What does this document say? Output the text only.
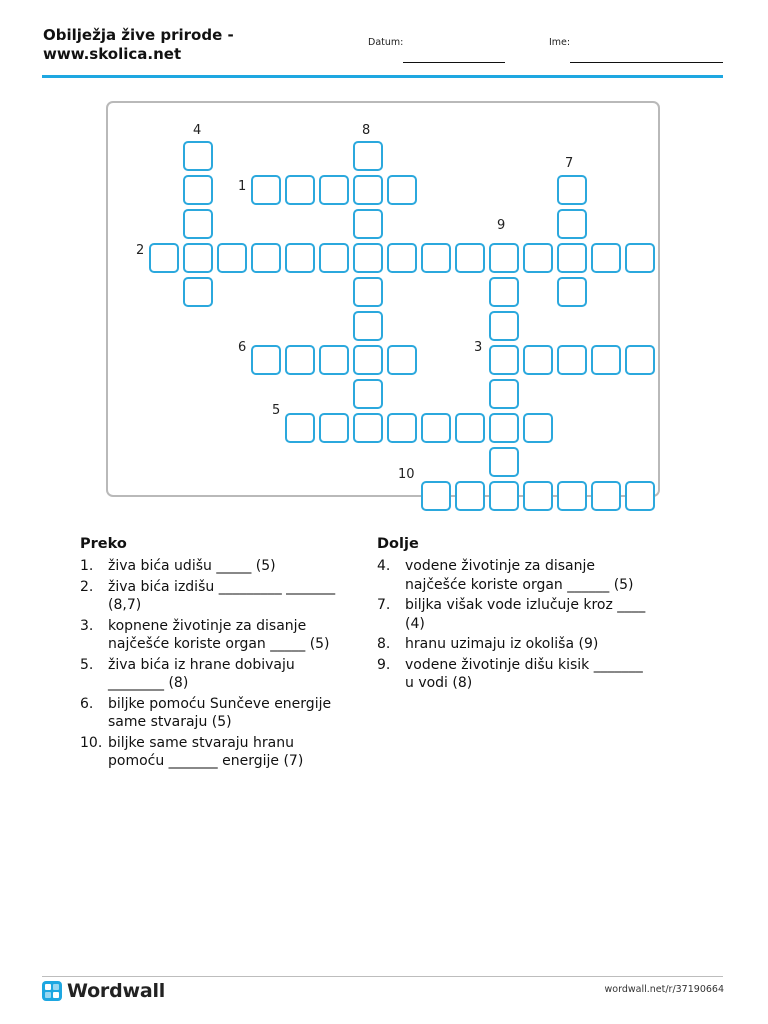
Obilježja žive prirode - www.skolica.net
Datum:	Ime:
1
2
3
4
5
6
7
8
9
10
Preko	Dolje
1.	živa bića udišu _____ (5)
2.	živa bića izdišu _________ _______ (8,7)
3.	kopnene životinje za disanje najčešće koriste organ _____ (5)
5.	živa bića iz hrane dobivaju ________ (8)
6.	biljke pomoću Sunčeve energije same stvaraju (5)
10. biljke same stvaraju hranu pomoću _______ energije (7)
4.	vodene životinje za disanje najčešće koriste organ ______ (5)
7.	biljka višak vode izlučuje kroz ____ (4)
8.	hranu uzimaju iz okoliša (9)
9.	vodene životinje dišu kisik _______ u vodi (8)
Wordwall	wordwall.net/r/37190664
